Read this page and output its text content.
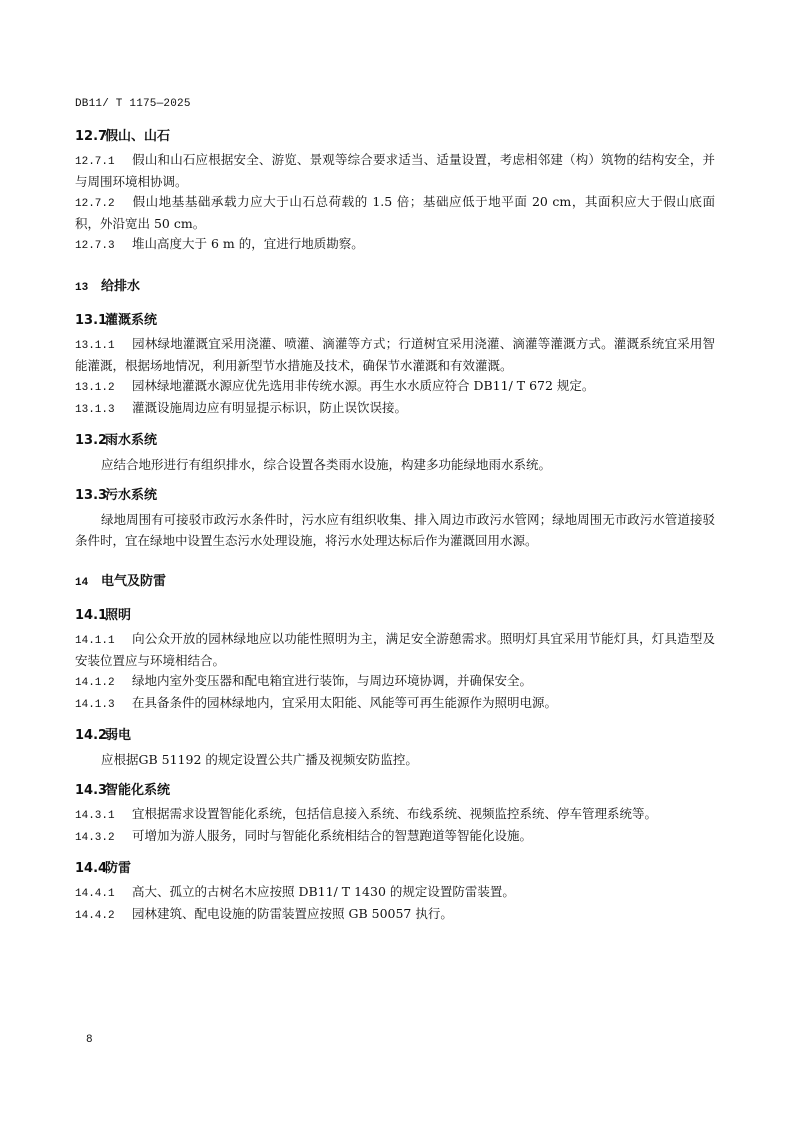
DB11/ T 1175—2025
12.7假山、山石

12.7.1 假山和山石应根据安全、游览、景观等综合要求适当、适量设置，考虑相邻建（构）筑物的结构安全，并与周围环境相协调。

12.7.2 假山地基基础承载力应大于山石总荷载的 1.5 倍；基础应低于地平面 20 cm，其面积应大于假山底面积，外沿宽出 50 cm。

12.7.3 堆山高度大于 6 m 的，宜进行地质勘察。

13 给排水
13.1灌溉系统

13.1.1 园林绿地灌溉宜采用浇灌、喷灌、滴灌等方式；行道树宜采用浇灌、滴灌等灌溉方式。灌溉系统宜采用智能灌溉，根据场地情况，利用新型节水措施及技术，确保节水灌溉和有效灌溉。

13.1.2 园林绿地灌溉水源应优先选用非传统水源。再生水水质应符合 DB11/ T 672 规定。

13.1.3 灌溉设施周边应有明显提示标识，防止误饮误接。

13.2雨水系统

应结合地形进行有组织排水，综合设置各类雨水设施，构建多功能绿地雨水系统。

13.3污水系统

绿地周围有可接驳市政污水条件时，污水应有组织收集、排入周边市政污水管网；绿地周围无市政污水管道接驳条件时，宜在绿地中设置生态污水处理设施，将污水处理达标后作为灌溉回用水源。

14 电气及防雷
14.1照明

14.1.1 向公众开放的园林绿地应以功能性照明为主，满足安全游憩需求。照明灯具宜采用节能灯具，灯具造型及安装位置应与环境相结合。

14.1.2 绿地内室外变压器和配电箱宜进行装饰，与周边环境协调，并确保安全。

14.1.3 在具备条件的园林绿地内，宜采用太阳能、风能等可再生能源作为照明电源。

14.2弱电

应根据GB 51192 的规定设置公共广播及视频安防监控。

14.3智能化系统

14.3.1 宜根据需求设置智能化系统，包括信息接入系统、布线系统、视频监控系统、停车管理系统等。

14.3.2 可增加为游人服务，同时与智能化系统相结合的智慧跑道等智能化设施。

14.4防雷

14.4.1 高大、孤立的古树名木应按照 DB11/ T 1430 的规定设置防雷装置。

14.4.2 园林建筑、配电设施的防雷装置应按照 GB 50057 执行。

8
